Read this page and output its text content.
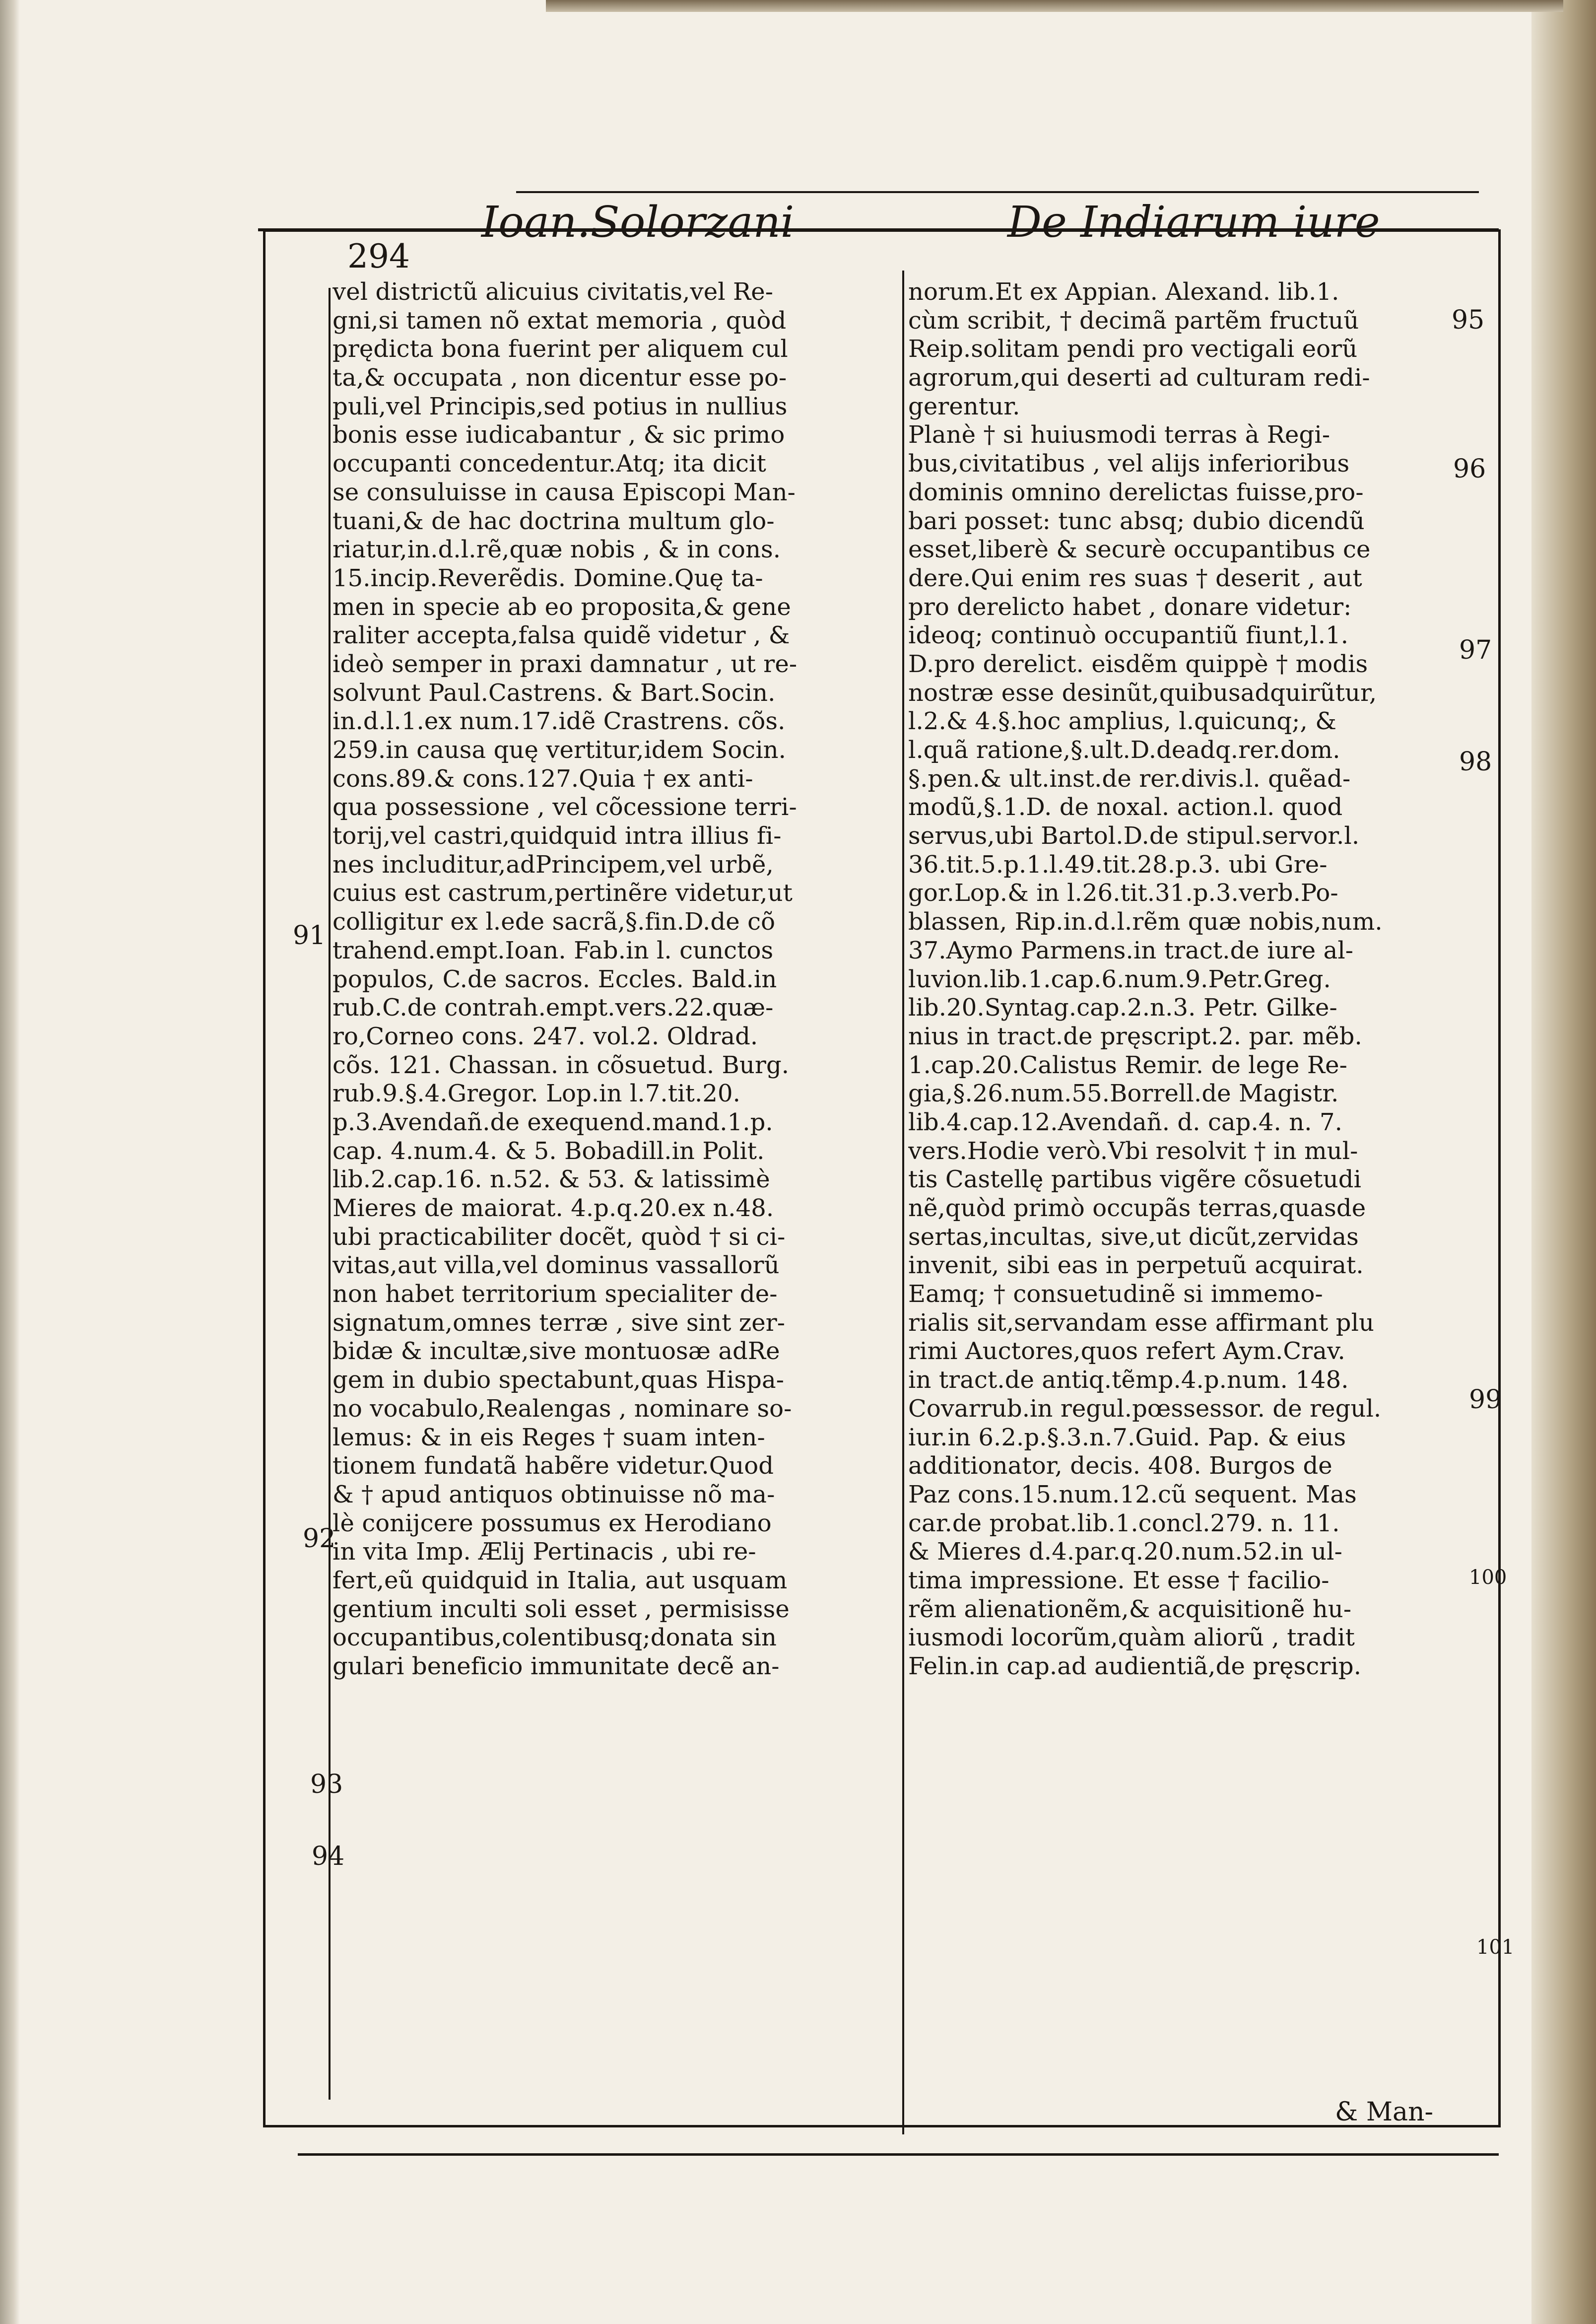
294
Ioan.Solorzani	De Indiarum iure
vel districtũ alicuius civitatis,vel Re-
gni,si tamen nõ extat memoria , quòd
prędicta bona fuerint per aliquem cul
ta,& occupata , non dicentur esse po-
puli,vel Principis,sed potius in nullius
bonis esse iudicabantur , & sic primo
occupanti concedentur.Atq; ita dicit
se consuluisse in causa Episcopi Man-
tuani,& de hac doctrina multum glo-
riatur,in.d.l.rẽ,quæ nobis , & in cons.
15.incip.Reverẽdis. Domine.Quę ta-
men in specie ab eo proposita,& gene
raliter accepta,falsa quidẽ videtur , &
ideò semper in praxi damnatur , ut re-
solvunt Paul.Castrens. & Bart.Socin.
in.d.l.1.ex num.17.idẽ Crastrens. cõs.
259.in causa quę vertitur,idem Socin.
cons.89.& cons.127.Quia † ex anti-
qua possessione , vel cõcessione terri-
torij,vel castri,quidquid intra illius fi-
nes includitur,adPrincipem,vel urbẽ,
cuius est castrum,pertinẽre videtur,ut
colligitur ex l.ede sacrã,§.fin.D.de cõ
trahend.empt.Ioan. Fab.in l. cunctos
populos, C.de sacros. Eccles. Bald.in
rub.C.de contrah.empt.vers.22.quæ-
ro,Corneo cons. 247. vol.2. Oldrad.
cõs. 121. Chassan. in cõsuetud. Burg.
rub.9.§.4.Gregor. Lop.in l.7.tit.20.
p.3.Avendañ.de exequend.mand.1.p.
cap. 4.num.4. & 5. Bobadill.in Polit.
lib.2.cap.16. n.52. & 53. & latissimè
Mieres de maiorat. 4.p.q.20.ex n.48.
ubi practicabiliter docẽt, quòd † si ci-
vitas,aut villa,vel dominus vassallorũ
non habet territorium specialiter de-
signatum,omnes terræ , sive sint zer-
bidæ & incultæ,sive montuosæ adRe
gem in dubio spectabunt,quas Hispa-
no vocabulo,Realengas , nominare so-
lemus: & in eis Reges † suam inten-
tionem fundatã habẽre videtur.Quod
& † apud antiquos obtinuisse nõ ma-
lè conijcere possumus ex Herodiano
in vita Imp. Ælij Pertinacis , ubi re-
fert,eũ quidquid in Italia, aut usquam
gentium inculti soli esset , permisisse
occupantibus,colentibusq;donata sin
gulari beneficio immunitate decẽ an-
norum.Et ex Appian. Alexand. lib.1.
cùm scribit, † decimã partẽm fructuũ
Reip.solitam pendi pro vectigali eorũ
agrorum,qui deserti ad culturam redi-
gerentur.
Planè † si huiusmodi terras à Regi-
bus,civitatibus , vel alijs inferioribus
dominis omnino derelictas fuisse,pro-
bari posset: tunc absq; dubio dicendũ
esset,liberè & securè occupantibus ce
dere.Qui enim res suas † deserit , aut
pro derelicto habet , donare videtur:
ideoq; continuò occupantiũ fiunt,l.1.
D.pro derelict. eisdẽm quippè † modis
nostræ esse desinũt,quibusadquirũtur,
l.2.& 4.§.hoc amplius, l.quicunq;, &
l.quã ratione,§.ult.D.deadq.rer.dom.
§.pen.& ult.inst.de rer.divis.l. quẽad-
modũ,§.1.D. de noxal. action.l. quod
servus,ubi Bartol.D.de stipul.servor.l.
36.tit.5.p.1.l.49.tit.28.p.3. ubi Gre-
gor.Lop.& in l.26.tit.31.p.3.verb.Po-
blassen, Rip.in.d.l.rẽm quæ nobis,num.
37.Aymo Parmens.in tract.de iure al-
luvion.lib.1.cap.6.num.9.Petr.Greg.
lib.20.Syntag.cap.2.n.3. Petr. Gilke-
nius in tract.de pręscript.2. par. mẽb.
1.cap.20.Calistus Remir. de lege Re-
gia,§.26.num.55.Borrell.de Magistr.
lib.4.cap.12.Avendañ. d. cap.4. n. 7.
vers.Hodie verò.Vbi resolvit † in mul-
tis Castellę partibus vigẽre cõsuetudi
nẽ,quòd primò occupãs terras,quasde
sertas,incultas, sive,ut dicũt,zervidas
invenit, sibi eas in perpetuũ acquirat.
Eamq; † consuetudinẽ si immemo-
rialis sit,servandam esse affirmant plu
rimi Auctores,quos refert Aym.Crav.
in tract.de antiq.tẽmp.4.p.num. 148.
Covarrub.in regul.pœssessor. de regul.
iur.in 6.2.p.§.3.n.7.Guid. Pap. & eius
additionator, decis. 408. Burgos de
Paz cons.15.num.12.cũ sequent. Mas
car.de probat.lib.1.concl.279. n. 11.
& Mieres d.4.par.q.20.num.52.in ul-
tima impressione. Et esse † facilio-
rẽm alienationẽm,& acquisitionẽ hu-
iusmodi locorũm,quàm aliorũ , tradit
Felin.in cap.ad audientiã,de pręscrip.
91
92
93
94
95
96
97
98
99
100
101
& Man-
